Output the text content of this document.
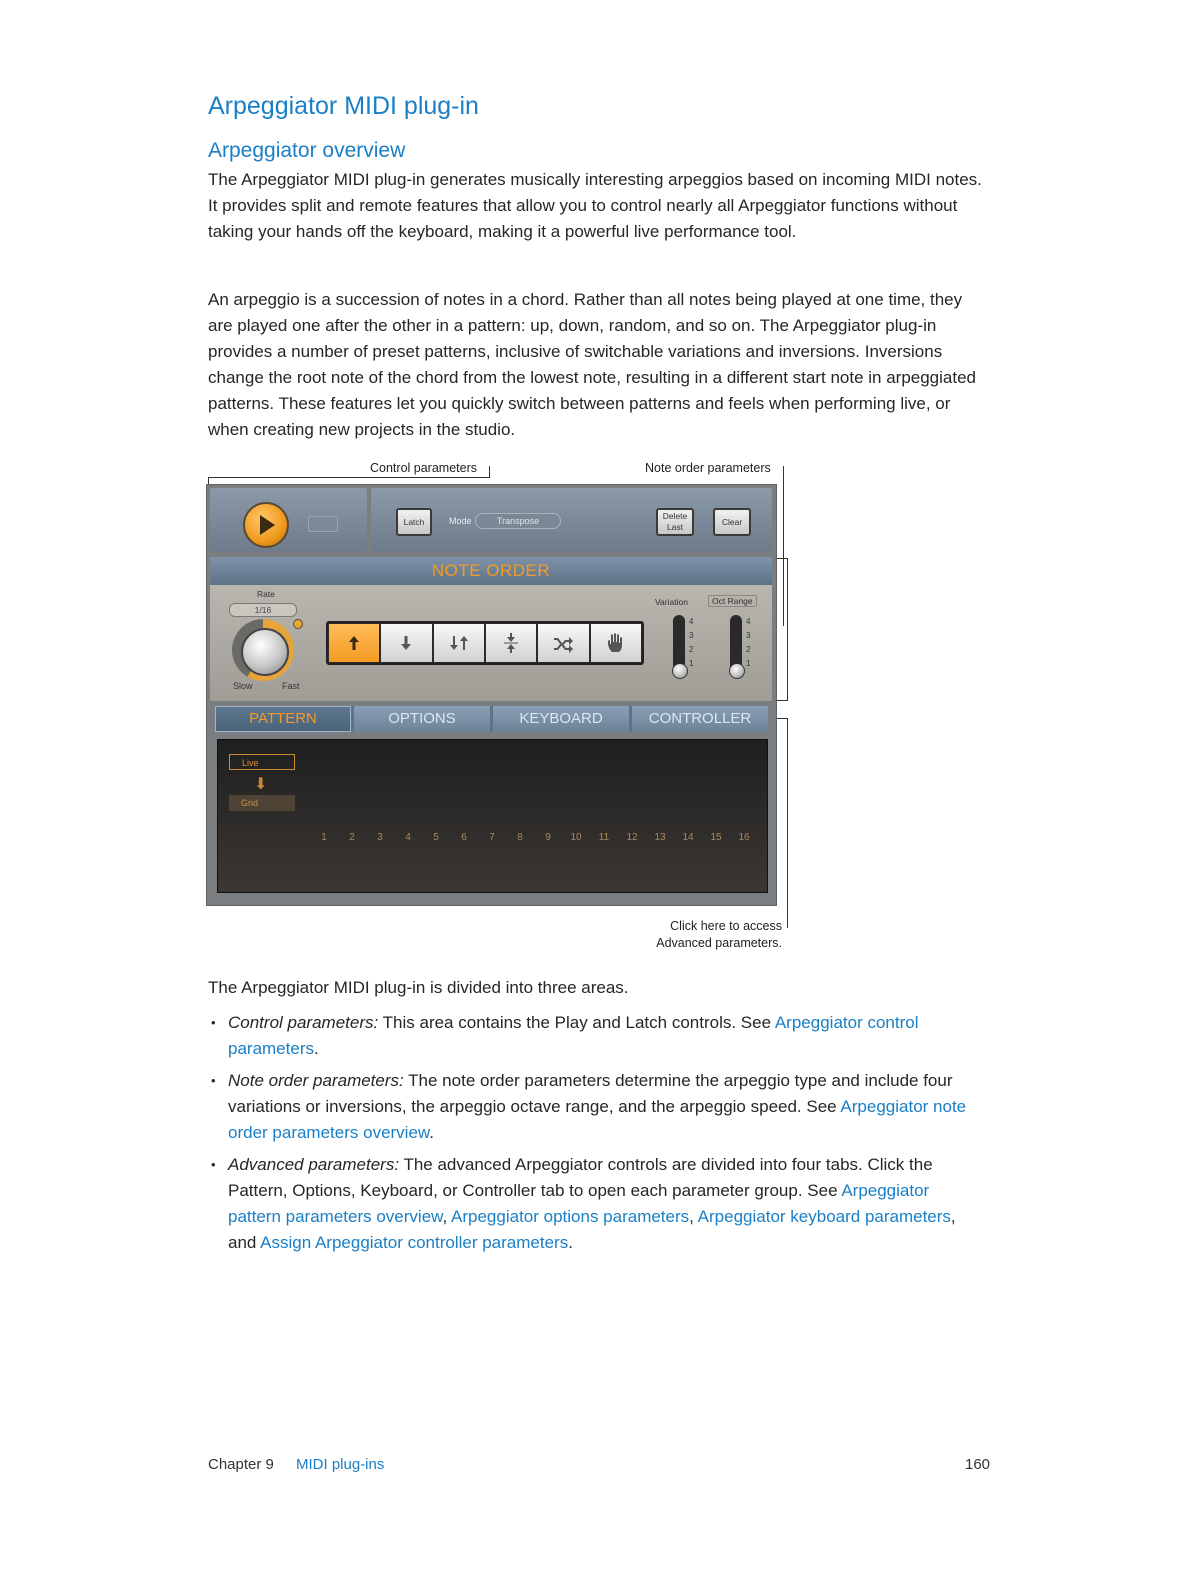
Arpeggiator MIDI plug-in
Arpeggiator overview

The Arpeggiator MIDI plug-in generates musically interesting arpeggios based on incoming MIDI notes. It provides split and remote features that allow you to control nearly all Arpeggiator functions without taking your hands off the keyboard, making it a powerful live performance tool.

An arpeggio is a succession of notes in a chord. Rather than all notes being played at one time, they are played one after the other in a pattern: up, down, random, and so on. The Arpeggiator plug-in provides a number of preset patterns, inclusive of switchable variations and inversions. Inversions change the root note of the chord from the lowest note, resulting in a different start note in arpeggiated patterns. These features let you quickly switch between patterns and feels when performing live, or when creating new projects in the studio.

Control parameters	Note order parameters
Click here to access
Advanced parameters.
Latch	Mode	Transpose	Delete Last
Clear
NOTE ORDER
Rate
1/16
Slow	Fast
Variation	Oct Range
4
3
2
1
4
3
2
1
PATTERN	OPTIONS	KEYBOARD	CONTROLLER
Live
⬇
Grid
1	2	3	4	5	6	7	8	9	10	11	12	13	14	15	16
The Arpeggiator MIDI plug-in is divided into three areas.
• Control parameters: This area contains the Play and Latch controls. See Arpeggiator control parameters.
• Note order parameters: The note order parameters determine the arpeggio type and include four variations or inversions, the arpeggio octave range, and the arpeggio speed. See Arpeggiator note order parameters overview.
• Advanced parameters: The advanced Arpeggiator controls are divided into four tabs. Click the Pattern, Options, Keyboard, or Controller tab to open each parameter group. See Arpeggiator pattern parameters overview, Arpeggiator options parameters, Arpeggiator keyboard parameters, and Assign Arpeggiator controller parameters.
Chapter 9 MIDI plug-ins	160
